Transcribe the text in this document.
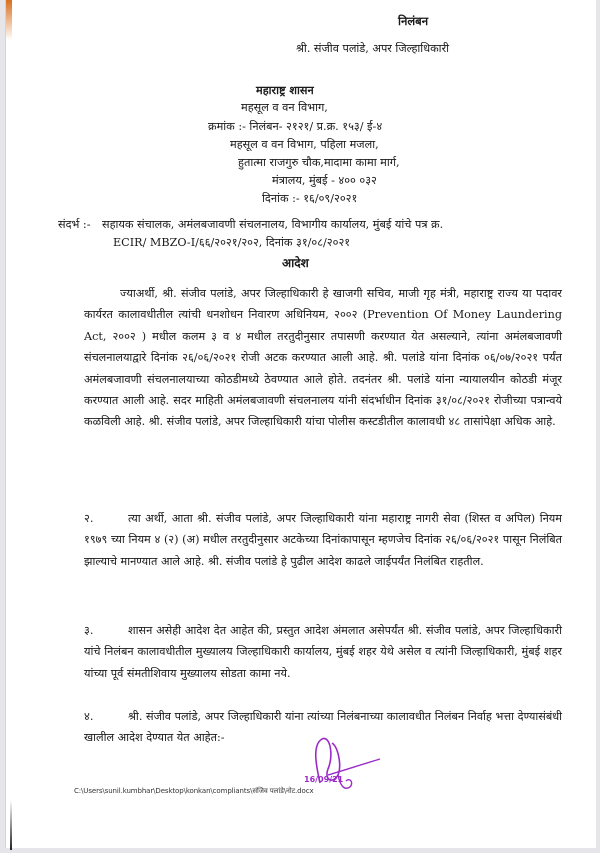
निलंबन
श्री. संजीव पलांडे, अपर जिल्हाधिकारी
महाराष्ट्र शासन
महसूल व वन विभाग,
क्रमांक :- निलंबन- २१२१/ प्र.क्र. १५३/ ई-४
महसूल व वन विभाग, पहिला मजला,
हुतात्मा राजगुरु चौक,मादामा कामा मार्ग,
मंत्रालय, मुंबई - ४०० ०३२
दिनांक :- १६/०९/२०२१
संदर्भ :- सहायक संचालक, अमंलबजावणी संचलनालय, विभागीय कार्यालय, मुंबई यांचे पत्र क्र.
ECIR/ MBZO-I/६६/२०२१/२०२, दिनांक ३१/०८/२०२१
आदेश
ज्याअर्थी, श्री. संजीव पलांडे, अपर जिल्हाधिकारी हे खाजगी सचिव, माजी गृह मंत्री, महाराष्ट्र राज्य या पदावर कार्यरत कालावधीतील त्यांची धनशोधन निवारण अधिनियम, २००२ (Prevention Of Money Laundering Act, २००२ ) मधील कलम ३ व ४ मधील तरतुदीनुसार तपासणी करण्यात येत असल्याने, त्यांना अमंलबजावणी संचलनालयाद्वारे दिनांक २६/०६/२०२१ रोजी अटक करण्यात आली आहे. श्री. पलांडे यांना दिनांक ०६/०७/२०२१ पर्यंत अमंलबजावणी संचलनालयाच्या कोठडीमध्ये ठेवण्यात आले होते. तदनंतर श्री. पलांडे यांना न्यायालयीन कोठडी मंजूर करण्यात आली आहे. सदर माहिती अमंलबजावणी संचलनालय यांनी संदर्भाधीन दिनांक ३१/०८/२०२१ रोजीच्या पत्रान्वये कळविली आहे. श्री. संजीव पलांडे, अपर जिल्हाधिकारी यांचा पोलीस कस्टडीतील कालावधी ४८ तासांपेक्षा अधिक आहे.
२.	त्या अर्थी, आता श्री. संजीव पलांडे, अपर जिल्हाधिकारी यांना महाराष्ट्र नागरी सेवा (शिस्त व अपिल) नियम १९७९ च्या नियम ४ (२) (अ) मधील तरतुदीनुसार अटकेच्या दिनांकापासून म्हणजेच दिनांक २६/०६/२०२१ पासून निलंबित झाल्याचे मानण्यात आले आहे. श्री. संजीव पलांडे हे पुढील आदेश काढले जाईपर्यंत निलंबित राहतील.
३.	शासन असेही आदेश देत आहेत की, प्रस्तुत आदेश अंमलात असेपर्यंत श्री. संजीव पलांडे, अपर जिल्हाधिकारी यांचे निलंबन कालावधीतील मुख्यालय जिल्हाधिकारी कार्यालय, मुंबई शहर येथे असेल व त्यांनी जिल्हाधिकारी, मुंबई शहर यांच्या पूर्व संमतीशिवाय मुख्यालय सोडता कामा नये.
४.	श्री. संजीव पलांडे, अपर जिल्हाधिकारी यांना त्यांच्या निलंबनाच्या कालावधीत निलंबन निर्वाह भत्ता देण्यासंबंधी खालील आदेश देण्यात येत आहेत:-
16/09/21
C:\Users\sunil.kumbhar\Desktop\konkan\compliants\संजिव पलांडे\नोट.docx
